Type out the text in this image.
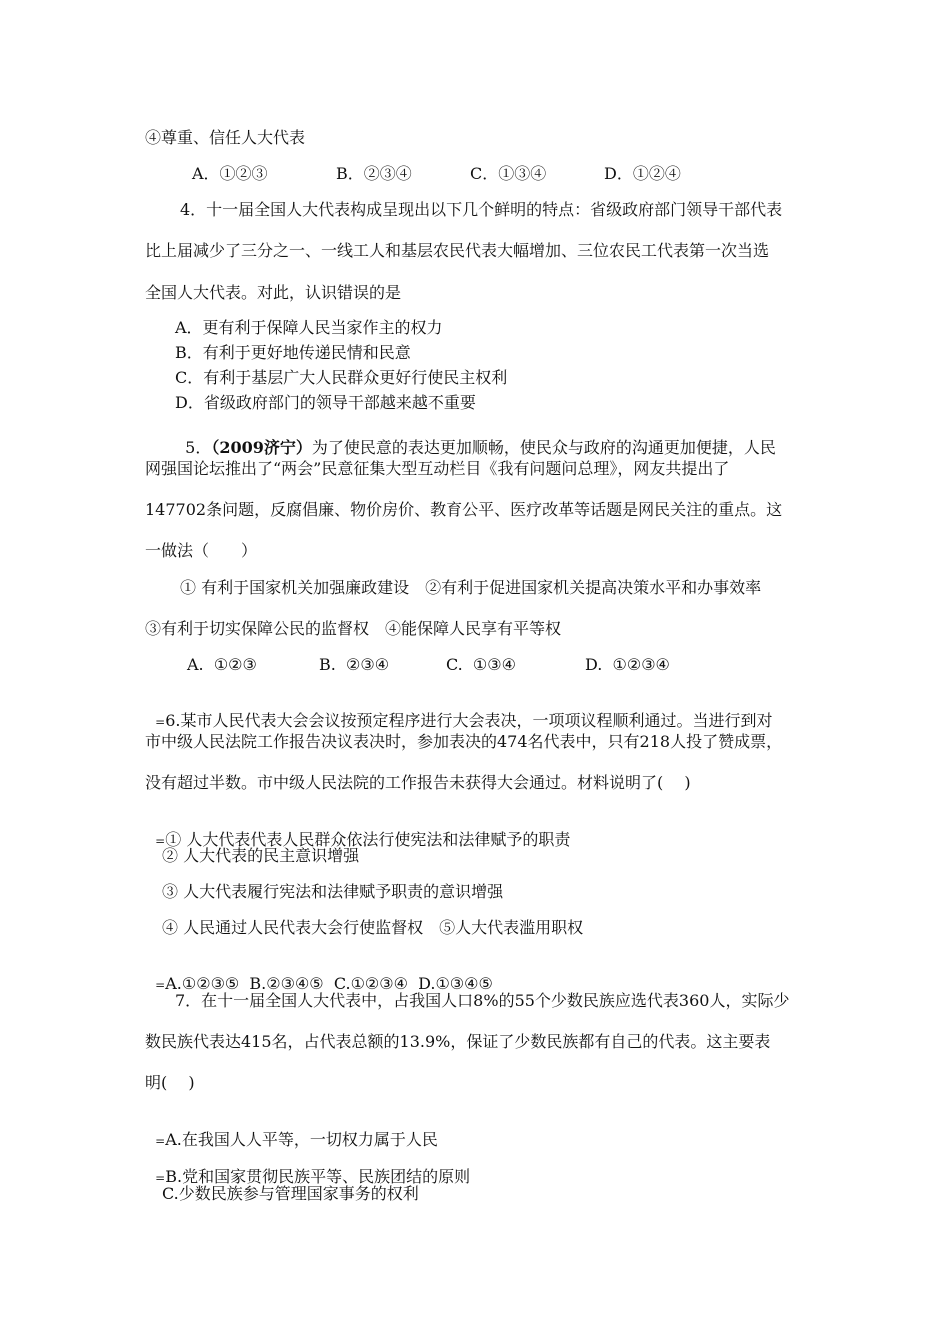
④尊重、信任人大代表
A．①②③	B．②③④	C．①③④	D．①②④
4．十一届全国人大代表构成呈现出以下几个鲜明的特点：省级政府部门领导干部代表
比上届减少了三分之一、一线工人和基层农民代表大幅增加、三位农民工代表第一次当选
全国人大代表。对此，认识错误的是
A．更有利于保障人民当家作主的权力
B．有利于更好地传递民情和民意
C．有利于基层广大人民群众更好行使民主权利
D．省级政府部门的领导干部越来越不重要

5．（2009济宁）为了使民意的表达更加顺畅，使民众与政府的沟通更加便捷，人民

网强国论坛推出了“两会”民意征集大型互动栏目《我有问题问总理》，网友共提出了
147702条问题，反腐倡廉、物价房价、教育公平、医疗改革等话题是网民关注的重点。这
一做法（　　）
① 有利于国家机关加强廉政建设　②有利于促进国家机关提高决策水平和办事效率
③有利于切实保障公民的监督权　④能保障人民享有平等权
A.  ①②③	B.  ②③④	C.  ①③④	D.  ①②③④

=6.某市人民代表大会会议按预定程序进行大会表决，一项项议程顺利通过。当进行到对

市中级人民法院工作报告决议表决时，参加表决的474名代表中，只有218人投了赞成票，
没有超过半数。市中级人民法院的工作报告未获得大会通过。材料说明了(　 )

=① 人大代表代表人民群众依法行使宪法和法律赋予的职责

② 人大代表的民主意识增强
③ 人大代表履行宪法和法律赋予职责的意识增强
④ 人民通过人民代表大会行使监督权　⑤人大代表滥用职权

=A.①②③⑤  B.②③④⑤  C.①②③④  D.①③④⑤

7．在十一届全国人大代表中，占我国人口8%的55个少数民族应选代表360人，实际少
数民族代表达415名，占代表总额的13.9%，保证了少数民族都有自己的代表。这主要表
明(　 )

=A.在我国人人平等，一切权力属于人民

=B.党和国家贯彻民族平等、民族团结的原则

C.少数民族参与管理国家事务的权利
